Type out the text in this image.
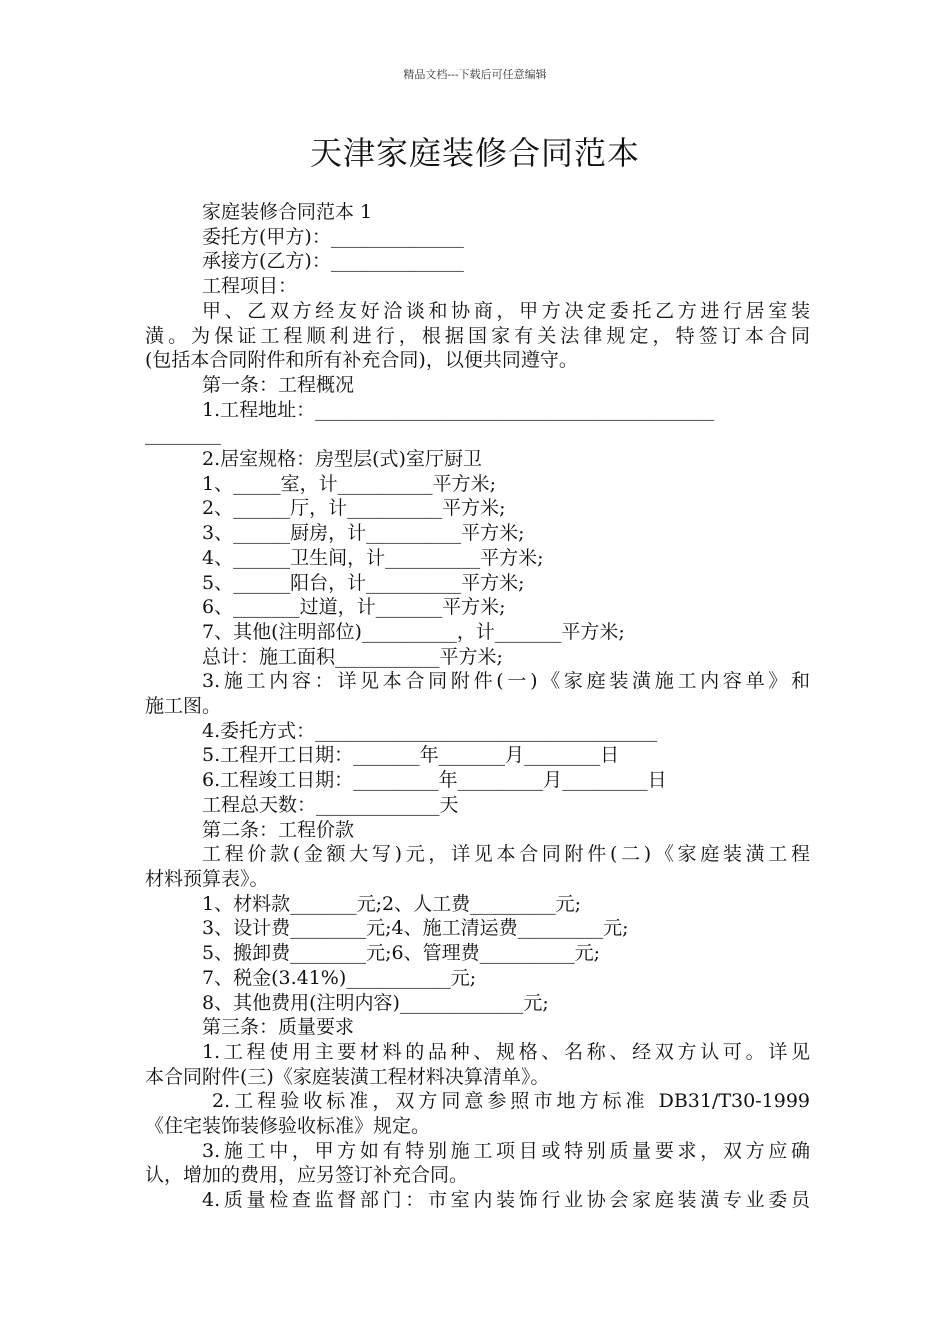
精品文档---下载后可任意编辑
天津家庭装修合同范本
家庭装修合同范本 1
委托方(甲方)：______________
承接方(乙方)：______________
工程项目：
甲、乙双方经友好洽谈和协商，甲方决定委托乙方进行居室装
潢。为保证工程顺利进行，根据国家有关法律规定，特签订本合同
(包括本合同附件和所有补充合同)，以便共同遵守。
第一条：工程概况
1.工程地址：__________________________________________
________
2.居室规格：房型层(式)室厅厨卫
1、_____室，计__________平方米;
2、______厅，计__________平方米;
3、______厨房，计__________平方米;
4、______卫生间，计__________平方米;
5、______阳台，计__________平方米;
6、_______过道，计_______平方米;
7、其他(注明部位)__________，计_______平方米;
总计：施工面积___________平方米;
3.施工内容：详见本合同附件(一)《家庭装潢施工内容单》和
施工图。
4.委托方式：____________________________________
5.工程开工日期：_______年_______月________日
6.工程竣工日期：_________年_________月_________日
工程总天数：_____________天
第二条：工程价款
工程价款(金额大写)元，详见本合同附件(二)《家庭装潢工程
材料预算表》。
1、材料款_______元;2、人工费_________元;
3、设计费________元;4、施工清运费_________元;
5、搬卸费________元;6、管理费__________元;
7、税金(3.41%)___________元;
8、其他费用(注明内容)_____________元;
第三条：质量要求
1.工程使用主要材料的品种、规格、名称、经双方认可。详见
本合同附件(三)《家庭装潢工程材料决算清单》。
2.工程验收标准，双方同意参照市地方标准 DB31/T30-1999
《住宅装饰装修验收标准》规定。
3.施工中，甲方如有特别施工项目或特别质量要求，双方应确
认，增加的费用，应另签订补充合同。
4.质量检查监督部门：市室内装饰行业协会家庭装潢专业委员
